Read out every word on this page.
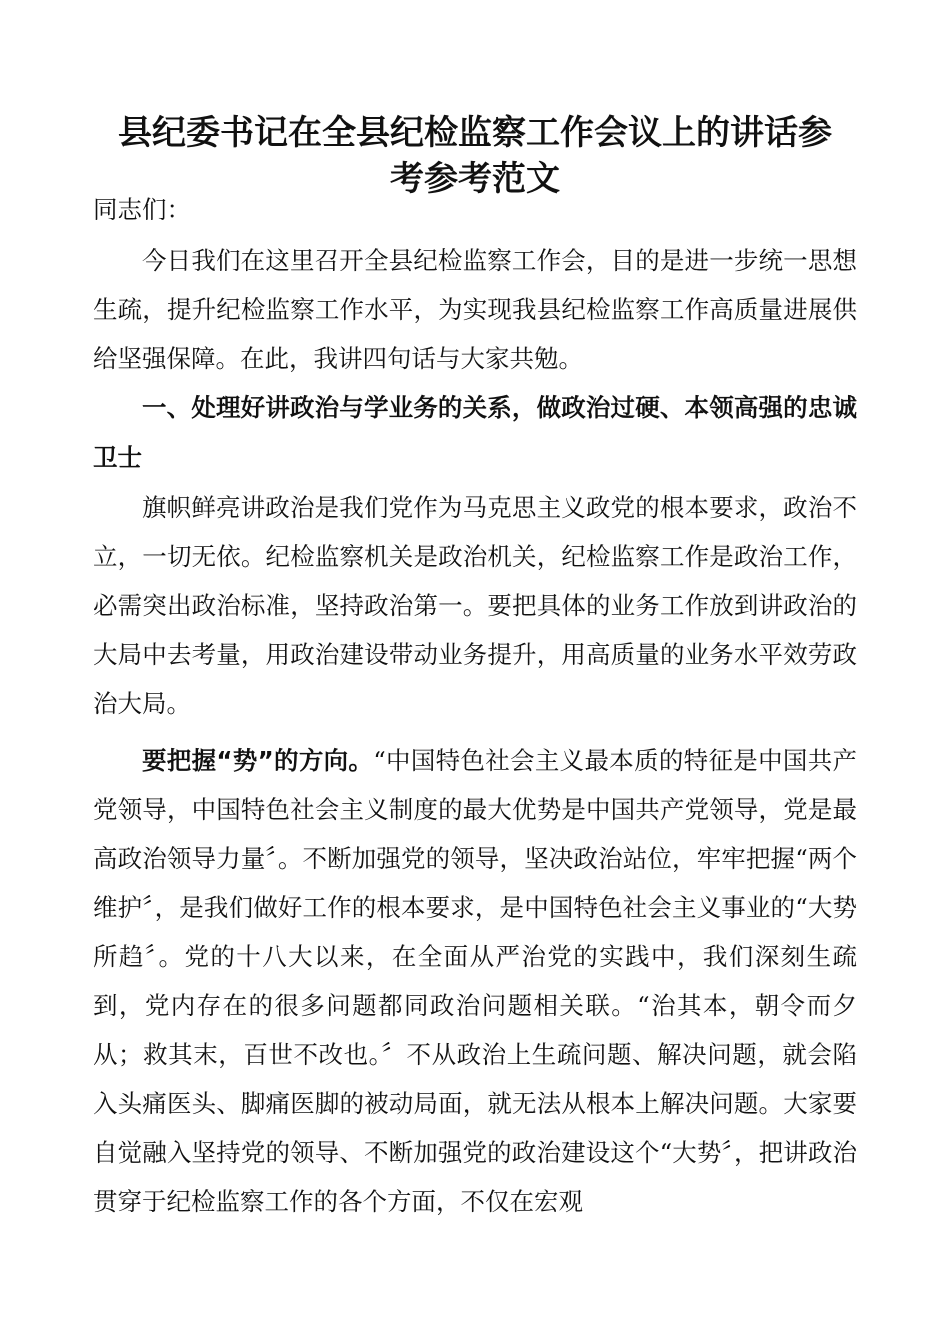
县纪委书记在全县纪检监察工作会议上的讲话参
考参考范文

同志们：

今日我们在这里召开全县纪检监察工作会，目的是进一步统一思想生疏，提升纪检监察工作水平，为实现我县纪检监察工作高质量进展供给坚强保障。在此，我讲四句话与大家共勉。

一、处理好讲政治与学业务的关系，做政治过硬、本领高强的忠诚卫士

旗帜鲜亮讲政治是我们党作为马克思主义政党的根本要求，政治不立，一切无依。纪检监察机关是政治机关，纪检监察工作是政治工作，必需突出政治标准，坚持政治第一。要把具体的业务工作放到讲政治的大局中去考量，用政治建设带动业务提升，用高质量的业务水平效劳政治大局。

要把握“势”的方向。“中国特色社会主义最本质的特征是中国共产党领导，中国特色社会主义制度的最大优势是中国共产党领导，党是最高政治领导力量〞。不断加强党的领导，坚决政治站位，牢牢把握“两个维护〞，是我们做好工作的根本要求，是中国特色社会主义事业的“大势所趋〞。党的十八大以来，在全面从严治党的实践中，我们深刻生疏到，党内存在的很多问题都同政治问题相关联。“治其本，朝令而夕从；救其末，百世不改也。〞不从政治上生疏问题、解决问题，就会陷入头痛医头、脚痛医脚的被动局面，就无法从根本上解决问题。大家要自觉融入坚持党的领导、不断加强党的政治建设这个“大势〞，把讲政治贯穿于纪检监察工作的各个方面，不仅在宏观
